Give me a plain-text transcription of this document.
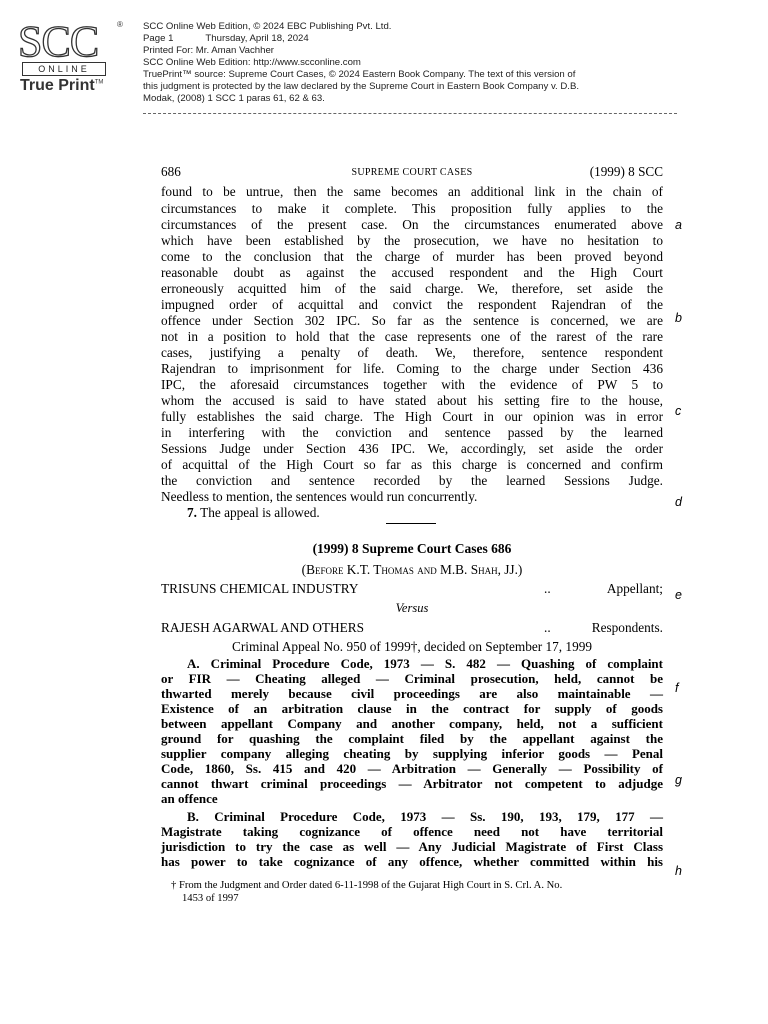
SCC	®
ONLINE
True Print™
SCC Online Web Edition, © 2024 EBC Publishing Pvt. Ltd.
Page 1	Thursday, April 18, 2024
Printed For: Mr. Aman Vachher
SCC Online Web Edition: http://www.scconline.com
TruePrint™ source: Supreme Court Cases, © 2024 Eastern Book Company. The text of this version of
this judgment is protected by the law declared by the Supreme Court in Eastern Book Company v. D.B.
Modak, (2008) 1 SCC 1 paras 61, 62 & 63.
686	SUPREME COURT CASES	(1999) 8 SCC
found to be untrue, then the same becomes an additional link in the chain of
circumstances to make it complete. This proposition fully applies to the
circumstances of the present case. On the circumstances enumerated above
which have been established by the prosecution, we have no hesitation to
come to the conclusion that the charge of murder has been proved beyond
reasonable doubt as against the accused respondent and the High Court
erroneously acquitted him of the said charge. We, therefore, set aside the
impugned order of acquittal and convict the respondent Rajendran of the
offence under Section 302 IPC. So far as the sentence is concerned, we are
not in a position to hold that the case represents one of the rarest of the rare
cases, justifying a penalty of death. We, therefore, sentence respondent
Rajendran to imprisonment for life. Coming to the charge under Section 436
IPC, the aforesaid circumstances together with the evidence of PW 5 to
whom the accused is said to have stated about his setting fire to the house,
fully establishes the said charge. The High Court in our opinion was in error
in interfering with the conviction and sentence passed by the learned
Sessions Judge under Section 436 IPC. We, accordingly, set aside the order
of acquittal of the High Court so far as this charge is concerned and confirm
the conviction and sentence recorded by the learned Sessions Judge.
Needless to mention, the sentences would run concurrently.
7. The appeal is allowed.
(1999) 8 Supreme Court Cases 686
(Before K.T. Thomas and M.B. Shah, JJ.)
TRISUNS CHEMICAL INDUSTRY	..	Appellant;
Versus
RAJESH AGARWAL AND OTHERS	..	Respondents.
Criminal Appeal No. 950 of 1999†, decided on September 17, 1999
A. Criminal Procedure Code, 1973 — S. 482 — Quashing of complaint
or FIR — Cheating alleged — Criminal prosecution, held, cannot be
thwarted merely because civil proceedings are also maintainable —
Existence of an arbitration clause in the contract for supply of goods
between appellant Company and another company, held, not a sufficient
ground for quashing the complaint filed by the appellant against the
supplier company alleging cheating by supplying inferior goods — Penal
Code, 1860, Ss. 415 and 420 — Arbitration — Generally — Possibility of
cannot thwart criminal proceedings — Arbitrator not competent to adjudge
an offence
B. Criminal Procedure Code, 1973 — Ss. 190, 193, 179, 177 —
Magistrate taking cognizance of offence need not have territorial
jurisdiction to try the case as well — Any Judicial Magistrate of First Class
has power to take cognizance of any offence, whether committed within his
† From the Judgment and Order dated 6-11-1998 of the Gujarat High Court in S. Crl. A. No.
1453 of 1997
a
b
c
d
e
f
g
h
